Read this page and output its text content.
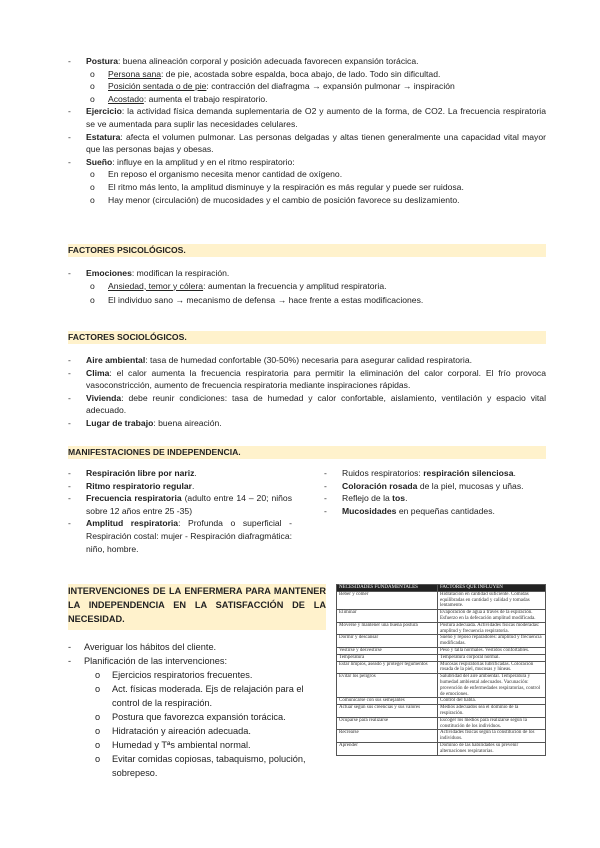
- Postura: buena alineación corporal y posición adecuada favorecen expansión torácica.
o Persona sana: de pie, acostada sobre espalda, boca abajo, de lado. Todo sin dificultad.
o Posición sentada o de pie: contracción del diafragma → expansión pulmonar → inspiración
o Acostado: aumenta el trabajo respiratorio.
- Ejercicio: la actividad física demanda suplementaria de O2 y aumento de la forma, de CO2. La frecuencia respiratoria se ve aumentada para suplir las necesidades celulares.
- Estatura: afecta el volumen pulmonar. Las personas delgadas y altas tienen generalmente una capacidad vital mayor que las personas bajas y obesas.
- Sueño: influye en la amplitud y en el ritmo respiratorio:
o En reposo el organismo necesita menor cantidad de oxígeno.
o El ritmo más lento, la amplitud disminuye y la respiración es más regular y puede ser ruidosa.
o Hay menor (circulación) de mucosidades y el cambio de posición favorece su deslizamiento.
FACTORES PSICOLÓGICOS.
- Emociones: modifican la respiración.
o Ansiedad, temor y cólera: aumentan la frecuencia y amplitud respiratoria.
o El individuo sano → mecanismo de defensa → hace frente a estas modificaciones.
FACTORES SOCIOLÓGICOS.
- Aire ambiental: tasa de humedad confortable (30-50%) necesaria para asegurar calidad respiratoria.
- Clima: el calor aumenta la frecuencia respiratoria para permitir la eliminación del calor corporal. El frío provoca vasoconstricción, aumento de frecuencia respiratoria mediante inspiraciones rápidas.
- Vivienda: debe reunir condiciones: tasa de humedad y calor confortable, aislamiento, ventilación y espacio vital adecuado.
- Lugar de trabajo: buena aireación.
MANIFESTACIONES DE INDEPENDENCIA.
- Respiración libre por nariz.
- Ritmo respiratorio regular.
- Frecuencia respiratoria (adulto entre 14 – 20; niños sobre 12 años entre 25 -35)
- Amplitud respiratoria: Profunda o superficial - Respiración costal: mujer - Respiración diafragmática: niño, hombre.
- Ruidos respiratorios: respiración silenciosa.
- Coloración rosada de la piel, mucosas y uñas.
- Reflejo de la tos.
- Mucosidades en pequeñas cantidades.
INTERVENCIONES DE LA ENFERMERA PARA MANTENER LA INDEPENDENCIA EN LA SATISFACCIÓN DE LA NECESIDAD.
- Averiguar los hábitos del cliente.
- Planificación de las intervenciones:
o Ejercicios respiratorios frecuentes.
o Act. físicas moderada. Ejs de relajación para el control de la respiración.
o Postura que favorezca expansión torácica.
o Hidratación y aireación adecuada.
o Humedad y Tªs ambiental normal.
o Evitar comidas copiosas, tabaquismo, polución, sobrepeso.
NECESIDADES FUNDAMENTALES	FACTORES QUE INFLUYEN
Beber y comer	Hidratación en cantidad suficiente. Comidas equilibradas en cantidad y calidad y tomadas lentamente.
Eliminar	Evaporación de agua a través de la espiración. Esfuerzo en la defecación amplitud modificada.
Moverse y mantener una buena postura	Postura adecuada. Actividades físicas moderadas: amplitud y frecuencia respiratoria.
Dormir y descansar	Sueño y reposo reparadores: amplitud y frecuencia modificadas.
Vestirse y desvestirse	Peso y talla normales. Vestidos confortables.
Temperatura	Temperatura corporal normal.
Estar limpios, aseado y proteger tegumentos	Mucosas respiratorias lubrificadas. Coloración rosada de la piel, mucosas y lúneas.
Evitar los peligros	Salubridad del aire ambiental. Temperatura y humedad ambiental adecuados. Vacunación: provención de enfermedades respiratorias, control de emociones.
Comunicarse con sus semejantes	Control del habla.
Actuar según sus creencias y sus valores	Medios adecuados sea el dominio de la respiración.
Ocuparse para realizarse	Escoger los medios para realizarse según la constitución de los individuos.
Recrearse	Actividades físicas según la constitución de los individuos.
Aprender	Dominio de las habilidades su prevenir alternaciones respiratorias.
